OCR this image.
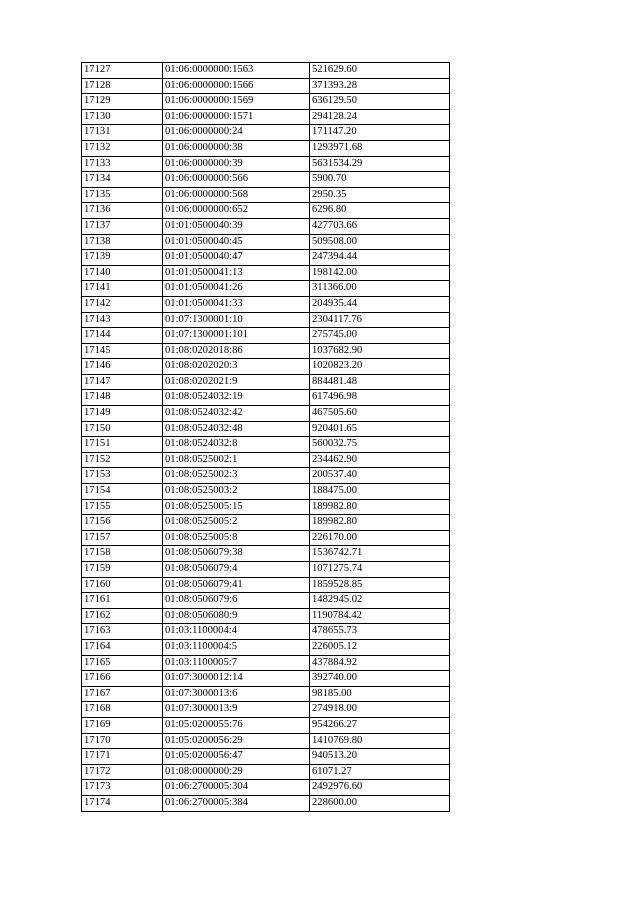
17127	01:06:0000000:1563	521629.60
17128	01:06:0000000:1566	371393.28
17129	01:06:0000000:1569	636129.50
17130	01:06:0000000:1571	294128.24
17131	01:06:0000000:24	171147.20
17132	01:06:0000000:38	1293971.68
17133	01:06:0000000:39	5631534.29
17134	01:06:0000000:566	5900.70
17135	01:06:0000000:568	2950.35
17136	01:06:0000000:652	6296.80
17137	01:01:0500040:39	427703.66
17138	01:01:0500040:45	509508.00
17139	01:01:0500040:47	247394.44
17140	01:01:0500041:13	198142.00
17141	01:01:0500041:26	311366.00
17142	01:01:0500041:33	204935.44
17143	01:07:1300001:10	2304117.76
17144	01:07:1300001:101	275745.00
17145	01:08:0202018:86	1037682.90
17146	01:08:0202020:3	1020823.20
17147	01:08:0202021:9	884481.48
17148	01:08:0524032:19	617496.98
17149	01:08:0524032:42	467505.60
17150	01:08:0524032:48	920401.65
17151	01:08:0524032:8	560032.75
17152	01:08:0525002:1	234462.90
17153	01:08:0525002:3	200537.40
17154	01:08:0525003:2	188475.00
17155	01:08:0525005:15	189982.80
17156	01:08:0525005:2	189982.80
17157	01:08:0525005:8	226170.00
17158	01:08:0506079:38	1536742.71
17159	01:08:0506079:4	1071275.74
17160	01:08:0506079:41	1859528.85
17161	01:08:0506079:6	1482945.02
17162	01:08:0506080:9	1190784.42
17163	01:03:1100004:4	478655.73
17164	01:03:1100004:5	226005.12
17165	01:03:1100005:7	437884.92
17166	01:07:3000012:14	392740.00
17167	01:07:3000013:6	98185.00
17168	01:07:3000013:9	274918.00
17169	01:05:0200055:76	954266.27
17170	01:05:0200056:29	1410769.80
17171	01:05:0200056:47	940513.20
17172	01:08:0000000:29	61071.27
17173	01:06:2700005:304	2492976.60
17174	01:06:2700005:384	228600.00
